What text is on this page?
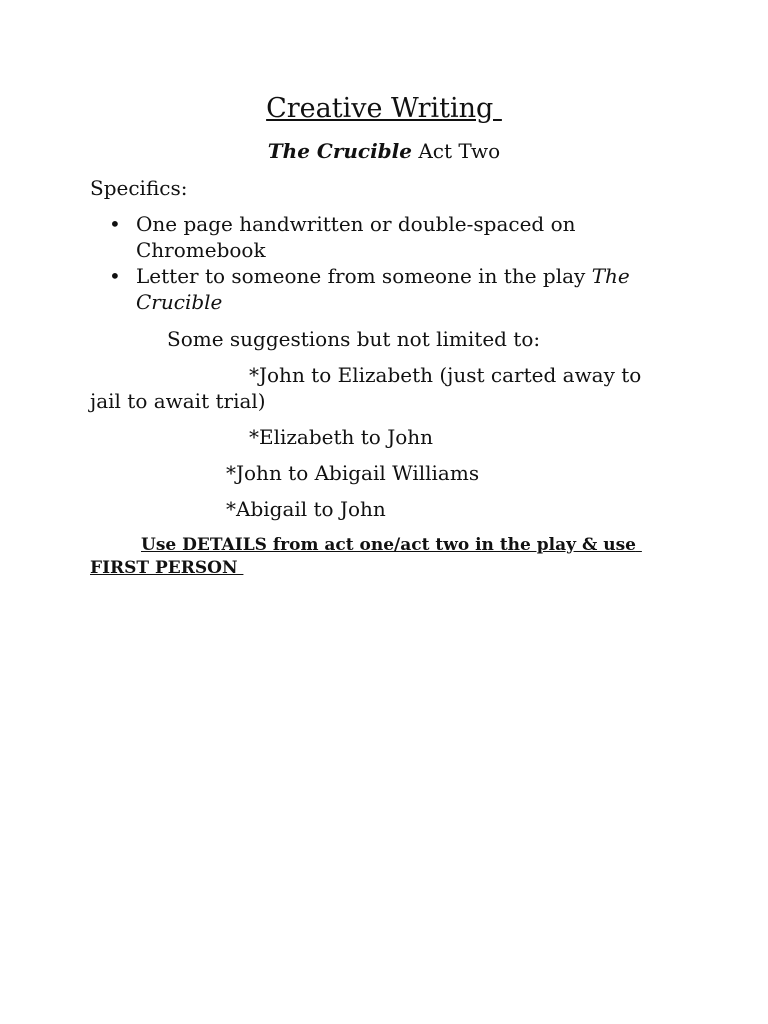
Creative Writing
The Crucible Act Two
Specifics:
• One page handwritten or double-spaced on Chromebook
• Letter to someone from someone in the play The Crucible
Some suggestions but not limited to:
*John to Elizabeth (just carted away to jail to await trial)
*Elizabeth to John
*John to Abigail Williams
*Abigail to John
Use DETAILS from act one/act two in the play & use FIRST PERSON
